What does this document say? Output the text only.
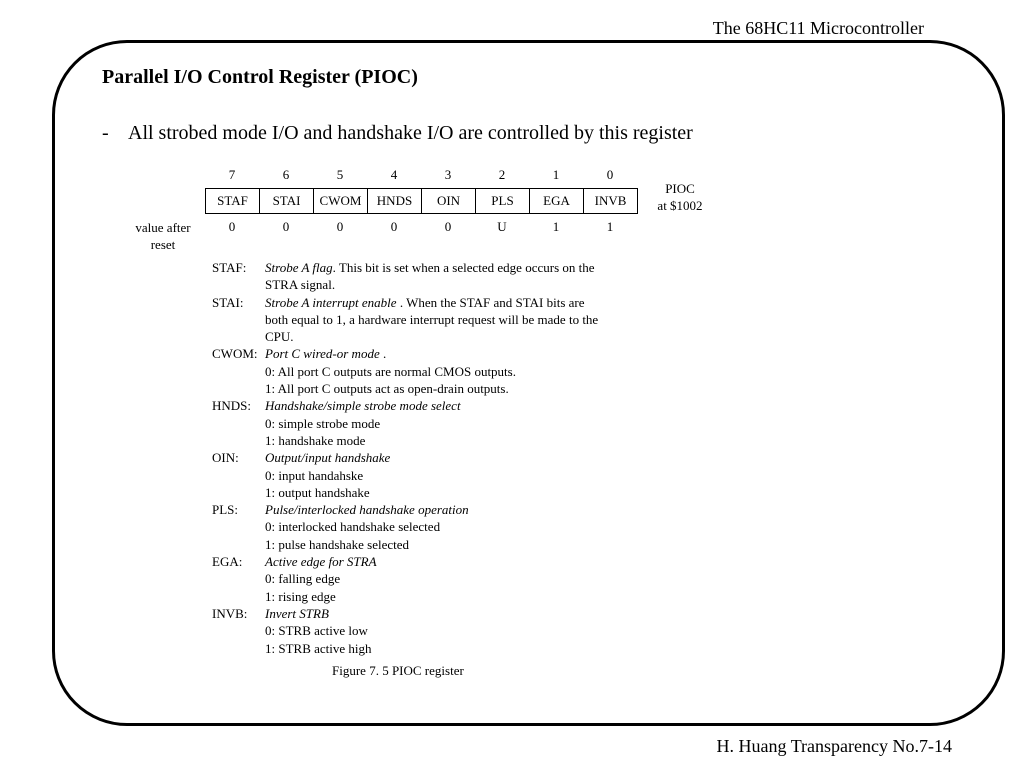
The 68HC11 Microcontroller
Parallel I/O Control Register (PIOC)
- All strobed mode I/O and handshake I/O are controlled by this register
7	6	5	4	3	2	1	0
STAF	STAI	CWOM	HNDS	OIN	PLS	EGA	INVB
0	0	0	0	0	U	1	1
PIOC
at $1002
value after
reset
STAF:	Strobe A flag. This bit is set when a selected edge occurs on the
STRA signal.
STAI:	Strobe A interrupt enable . When the STAF and STAI bits are
both equal to 1, a hardware interrupt request will be made to the
CPU.
CWOM: Port C wired-or mode .
0: All port C outputs are normal CMOS outputs.
1: All port C outputs act as open-drain outputs.
HNDS:	Handshake/simple strobe mode select
0: simple strobe mode
1: handshake mode
OIN:	Output/input handshake
0: input handahske
1: output handshake
PLS:	Pulse/interlocked handshake operation
0: interlocked handshake selected
1: pulse handshake selected
EGA:	Active edge for STRA
0: falling edge
1: rising edge
INVB:	Invert STRB
0: STRB active low
1: STRB active high
Figure 7. 5 PIOC register
H. Huang Transparency No.7-14
